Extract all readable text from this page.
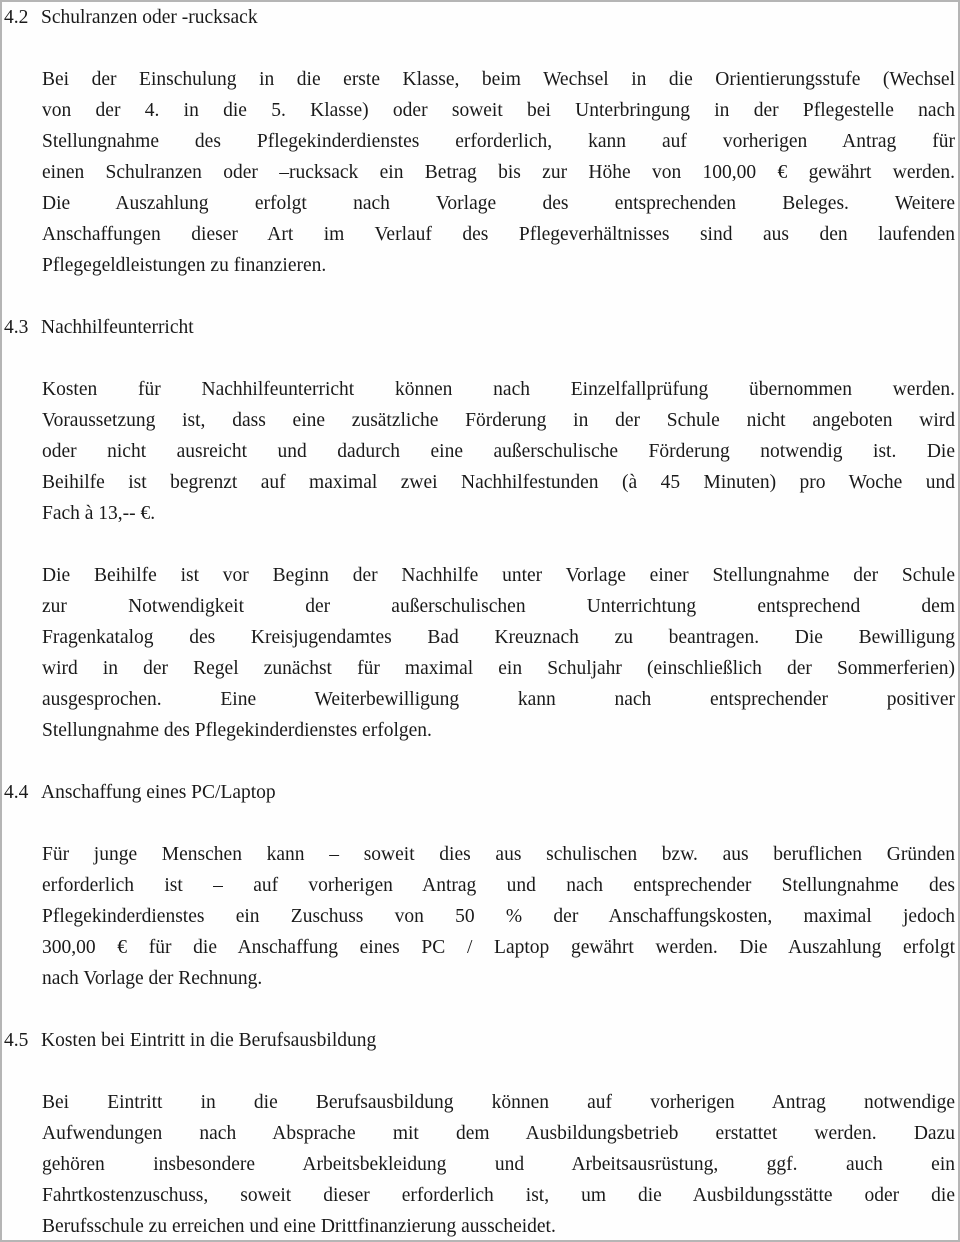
4.2 Schulranzen oder -rucksack
Bei der Einschulung in die erste Klasse, beim Wechsel in die Orientierungsstufe (Wechsel
von der 4. in die 5. Klasse) oder soweit bei Unterbringung in der Pflegestelle nach
Stellungnahme des Pflegekinderdienstes erforderlich, kann auf vorherigen Antrag für
einen Schulranzen oder –rucksack ein Betrag bis zur Höhe von 100,00 € gewährt werden.
Die Auszahlung erfolgt nach Vorlage des entsprechenden Beleges. Weitere
Anschaffungen dieser Art im Verlauf des Pflegeverhältnisses sind aus den laufenden
Pflegegeldleistungen zu finanzieren.
4.3 Nachhilfeunterricht
Kosten für Nachhilfeunterricht können nach Einzelfallprüfung übernommen werden.
Voraussetzung ist, dass eine zusätzliche Förderung in der Schule nicht angeboten wird
oder nicht ausreicht und dadurch eine außerschulische Förderung notwendig ist. Die
Beihilfe ist begrenzt auf maximal zwei Nachhilfestunden (à 45 Minuten) pro Woche und
Fach à 13,-- €.
Die Beihilfe ist vor Beginn der Nachhilfe unter Vorlage einer Stellungnahme der Schule
zur Notwendigkeit der außerschulischen Unterrichtung entsprechend dem
Fragenkatalog des Kreisjugendamtes Bad Kreuznach zu beantragen. Die Bewilligung
wird in der Regel zunächst für maximal ein Schuljahr (einschließlich der Sommerferien)
ausgesprochen. Eine Weiterbewilligung kann nach entsprechender positiver
Stellungnahme des Pflegekinderdienstes erfolgen.
4.4 Anschaffung eines PC/Laptop
Für junge Menschen kann – soweit dies aus schulischen bzw. aus beruflichen Gründen
erforderlich ist – auf vorherigen Antrag und nach entsprechender Stellungnahme des
Pflegekinderdienstes ein Zuschuss von 50 % der Anschaffungskosten, maximal jedoch
300,00 € für die Anschaffung eines PC / Laptop gewährt werden. Die Auszahlung erfolgt
nach Vorlage der Rechnung.
4.5 Kosten bei Eintritt in die Berufsausbildung
Bei Eintritt in die Berufsausbildung können auf vorherigen Antrag notwendige
Aufwendungen nach Absprache mit dem Ausbildungsbetrieb erstattet werden. Dazu
gehören insbesondere Arbeitsbekleidung und Arbeitsausrüstung, ggf. auch ein
Fahrtkostenzuschuss, soweit dieser erforderlich ist, um die Ausbildungsstätte oder die
Berufsschule zu erreichen und eine Drittfinanzierung ausscheidet.
